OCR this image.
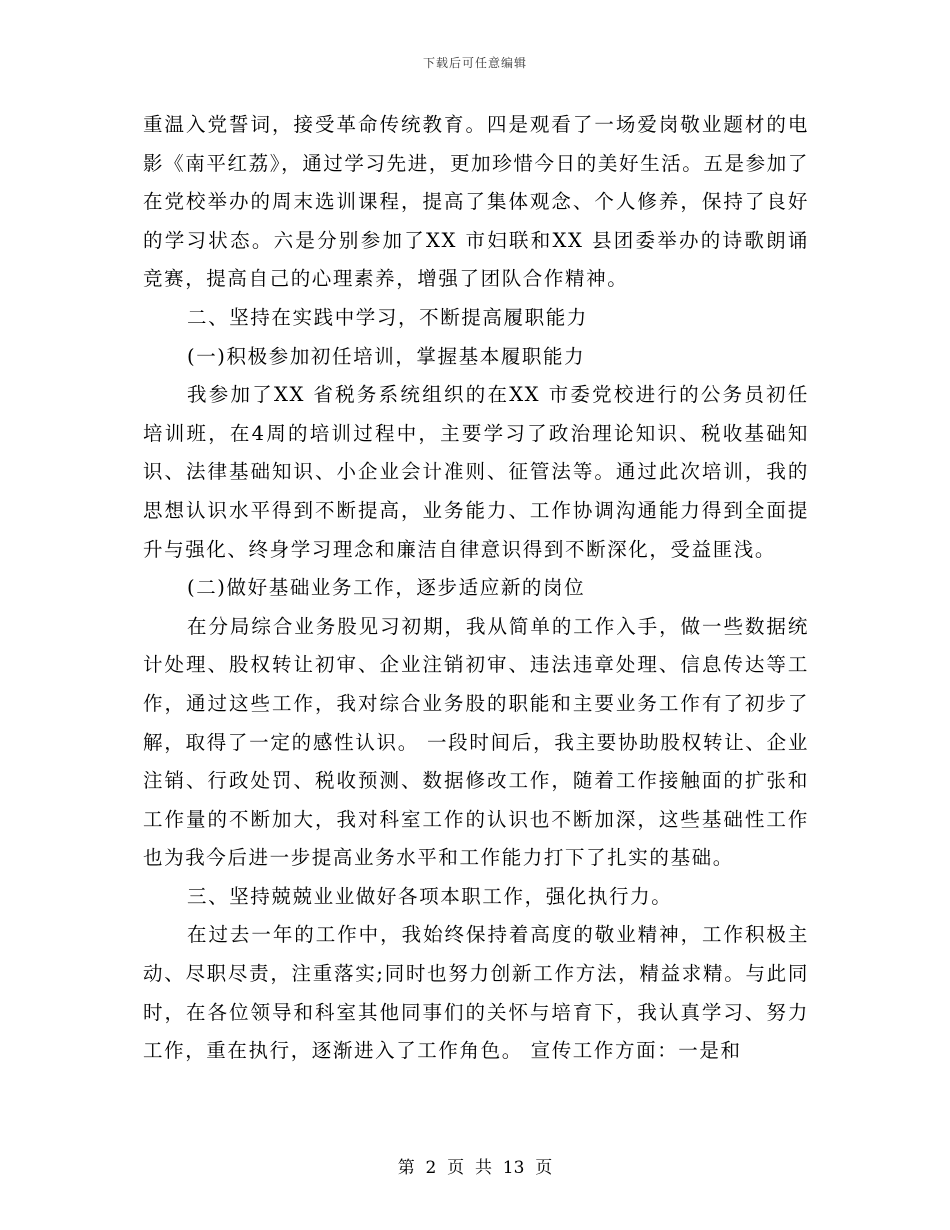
下载后可任意编辑

重温入党誓词，接受革命传统教育。四是观看了一场爱岗敬业题材的电影《南平红荔》，通过学习先进，更加珍惜今日的美好生活。五是参加了在党校举办的周末选训课程，提高了集体观念、个人修养，保持了良好的学习状态。六是分别参加了XX 市妇联和XX 县团委举办的诗歌朗诵竞赛，提高自己的心理素养，增强了团队合作精神。

二、坚持在实践中学习，不断提高履职能力

(一)积极参加初任培训，掌握基本履职能力

我参加了XX 省税务系统组织的在XX 市委党校进行的公务员初任培训班，在4周的培训过程中，主要学习了政治理论知识、税收基础知识、法律基础知识、小企业会计准则、征管法等。通过此次培训，我的思想认识水平得到不断提高，业务能力、工作协调沟通能力得到全面提升与强化、终身学习理念和廉洁自律意识得到不断深化，受益匪浅。

(二)做好基础业务工作，逐步适应新的岗位

在分局综合业务股见习初期，我从简单的工作入手，做一些数据统计处理、股权转让初审、企业注销初审、违法违章处理、信息传达等工作，通过这些工作，我对综合业务股的职能和主要业务工作有了初步了解，取得了一定的感性认识。 一段时间后，我主要协助股权转让、企业注销、行政处罚、税收预测、数据修改工作，随着工作接触面的扩张和工作量的不断加大，我对科室工作的认识也不断加深，这些基础性工作也为我今后进一步提高业务水平和工作能力打下了扎实的基础。

三、坚持兢兢业业做好各项本职工作，强化执行力。

在过去一年的工作中，我始终保持着高度的敬业精神，工作积极主动、尽职尽责，注重落实;同时也努力创新工作方法，精益求精。与此同时，在各位领导和科室其他同事们的关怀与培育下，我认真学习、努力工作，重在执行，逐渐进入了工作角色。 宣传工作方面：一是和

第  2  页  共  13  页
